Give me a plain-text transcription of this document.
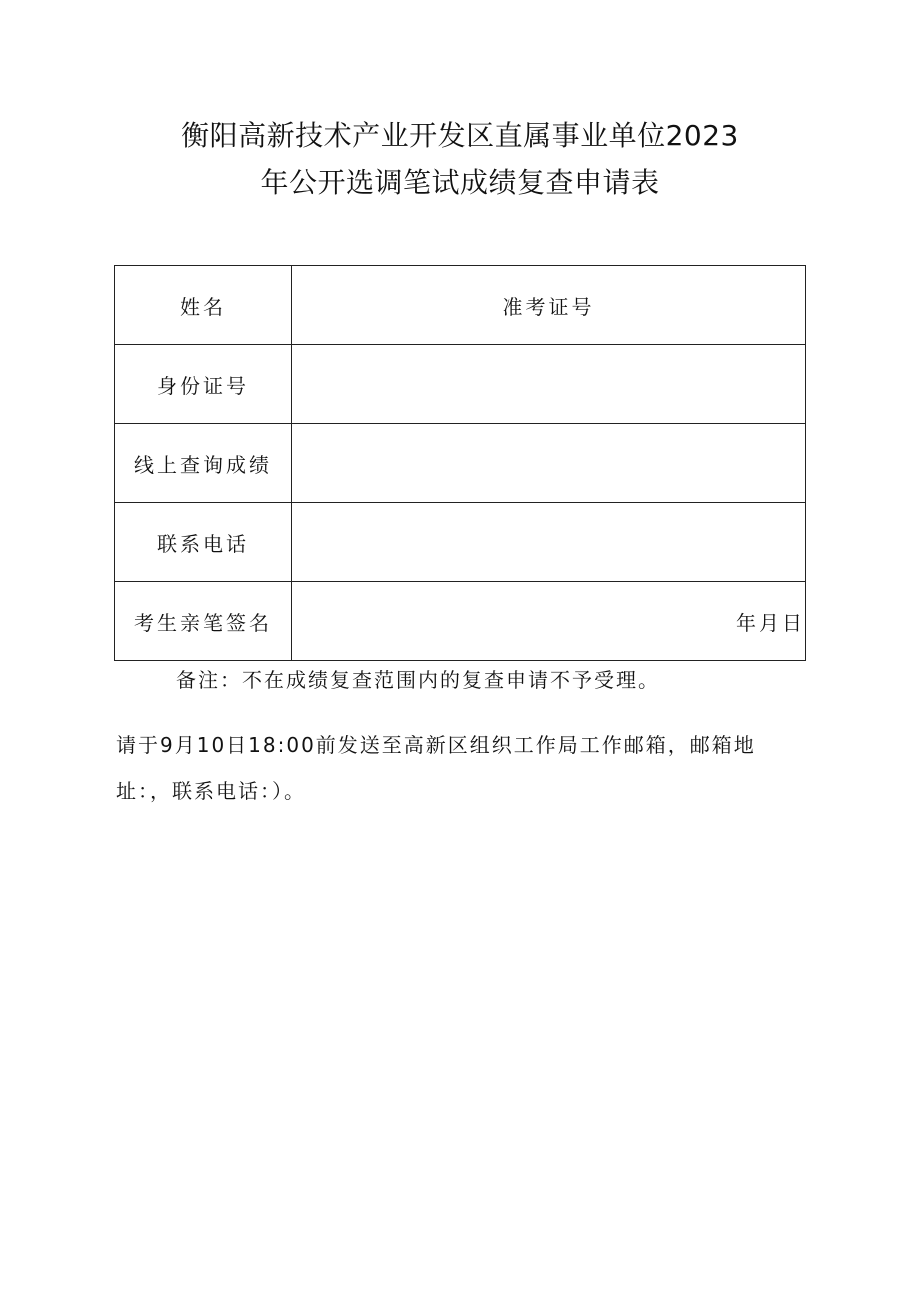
衡阳高新技术产业开发区直属事业单位2023
年公开选调笔试成绩复查申请表
姓名	准考证号
身份证号	
线上查询成绩	
联系电话	
考生亲笔签名	年月日
备注：不在成绩复查范围内的复查申请不予受理。
请于9月10日18:00前发送至高新区组织工作局工作邮箱，邮箱地址：，联系电话：）。
